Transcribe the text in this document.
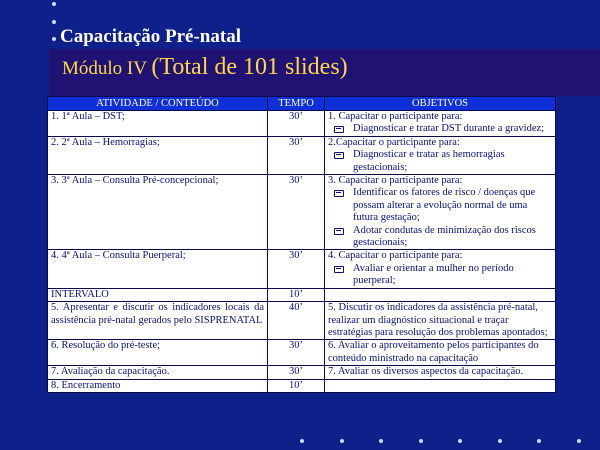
Capacitação Pré-natal
Módulo IV (Total de 101 slides)
ATIVIDADE / CONTEÚDO	TEMPO	OBJETIVOS
1. 1ª Aula – DST;	30’	1. Capacitar o participante para:
Diagnosticar e tratar DST durante a gravidez;

2. 2ª Aula – Hemorragias;	30’	2.Capacitar o participante para:
Diagnosticar e tratar as hemorragias gestacionais;

3. 3ª Aula – Consulta Pré-concepcional;	30’	3. Capacitar o participante para:
Identificar os fatores de risco / doenças que possam alterar a evolução normal de uma futura gestação;
Adotar condutas de minimização dos riscos gestacionais;

4. 4ª Aula – Consulta Puerperal;	30’	4. Capacitar o participante para:
Avaliar e orientar a mulher no período puerperal;

INTERVALO	10’	

5. Apresentar e discutir os indicadores locais da assistência pré-natal gerados pelo SISPRENATAL	40’	5. Discutir os indicadores da assistência pré-natal, realizar um diagnóstico situacional e traçar estratégias para resolução dos problemas apontados;

6. Resolução do pré-teste;	30’	6. Avaliar o aproveitamento pelos participantes do conteúdo ministrado na capacitação

7. Avaliação da capacitação.	30’	7. Avaliar os diversos aspectos da capacitação.

8. Encerramento	10’	
